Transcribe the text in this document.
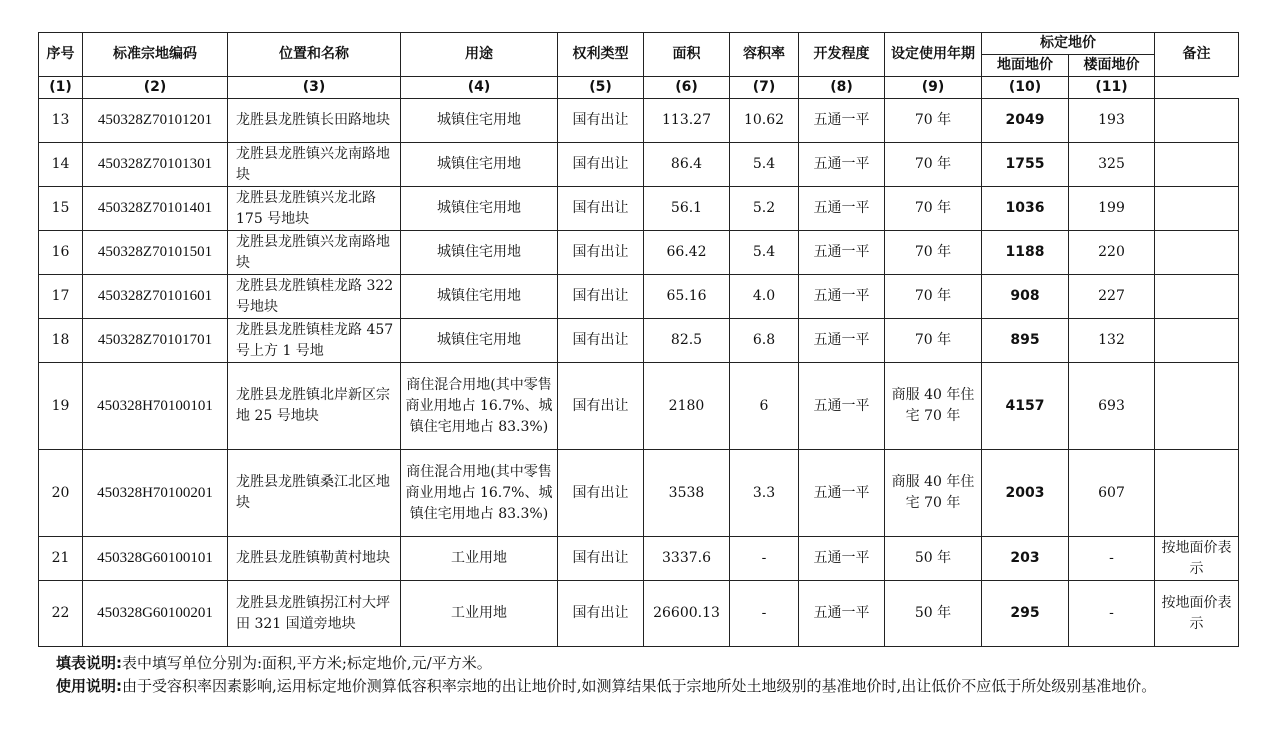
序号	标准宗地编码	位置和名称	用途	权利类型	面积	容积率	开发程度	设定使用年期	标定地价		备注
									地面地价	楼面地价	
(1)	(2)	(3)	(4)	(5)	(6)	(7)	(8)	(9)	(10)	(11)	
13	450328Z70101201	龙胜县龙胜镇长田路地块	城镇住宅用地	国有出让	113.27	10.62	五通一平	70 年	2049	193	
14	450328Z70101301	龙胜县龙胜镇兴龙南路地块	城镇住宅用地	国有出让	86.4	5.4	五通一平	70 年	1755	325	
15	450328Z70101401	龙胜县龙胜镇兴龙北路 175 号地块	城镇住宅用地	国有出让	56.1	5.2	五通一平	70 年	1036	199	
16	450328Z70101501	龙胜县龙胜镇兴龙南路地块	城镇住宅用地	国有出让	66.42	5.4	五通一平	70 年	1188	220	
17	450328Z70101601	龙胜县龙胜镇桂龙路 322 号地块	城镇住宅用地	国有出让	65.16	4.0	五通一平	70 年	908	227	
18	450328Z70101701	龙胜县龙胜镇桂龙路 457 号上方 1 号地	城镇住宅用地	国有出让	82.5	6.8	五通一平	70 年	895	132	
19	450328H70100101	龙胜县龙胜镇北岸新区宗地 25 号地块	商住混合用地(其中零售商业用地占 16.7%、城镇住宅用地占 83.3%)	国有出让	2180	6	五通一平	商服 40 年住宅 70 年	4157	693	
20	450328H70100201	龙胜县龙胜镇桑江北区地块	商住混合用地(其中零售商业用地占 16.7%、城镇住宅用地占 83.3%)	国有出让	3538	3.3	五通一平	商服 40 年住宅 70 年	2003	607	
21	450328G60100101	龙胜县龙胜镇勒黄村地块	工业用地	国有出让	3337.6	-	五通一平	50 年	203	-	按地面价表示
22	450328G60100201	龙胜县龙胜镇拐江村大坪田 321 国道旁地块	工业用地	国有出让	26600.13	-	五通一平	50 年	295	-	按地面价表示

填表说明:表中填写单位分别为:面积,平方米;标定地价,元/平方米。

使用说明:由于受容积率因素影响,运用标定地价测算低容积率宗地的出让地价时,如测算结果低于宗地所处土地级别的基准地价时,出让低价不应低于所处级别基准地价。
